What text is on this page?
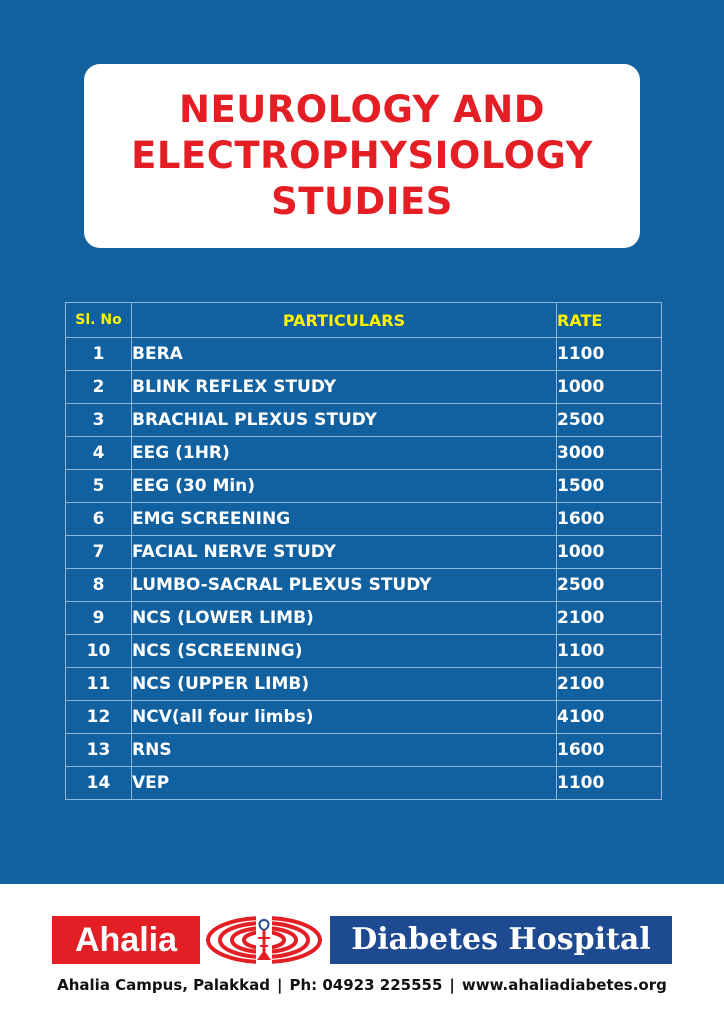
NEUROLOGY AND
ELECTROPHYSIOLOGY
STUDIES
Sl. No	PARTICULARS	RATE
1	BERA	1100
2	BLINK REFLEX STUDY	1000
3	BRACHIAL PLEXUS STUDY	2500
4	EEG (1HR)	3000
5	EEG (30 Min)	1500
6	EMG SCREENING	1600
7	FACIAL NERVE STUDY	1000
8	LUMBO-SACRAL PLEXUS STUDY	2500
9	NCS (LOWER LIMB)	2100
10	NCS (SCREENING)	1100
11	NCS (UPPER LIMB)	2100
12	NCV(all four limbs)	4100
13	RNS	1600
14	VEP	1100
Ahalia	Diabetes Hospital
Ahalia Campus, Palakkad | Ph: 04923 225555 | www.ahaliadiabetes.org
